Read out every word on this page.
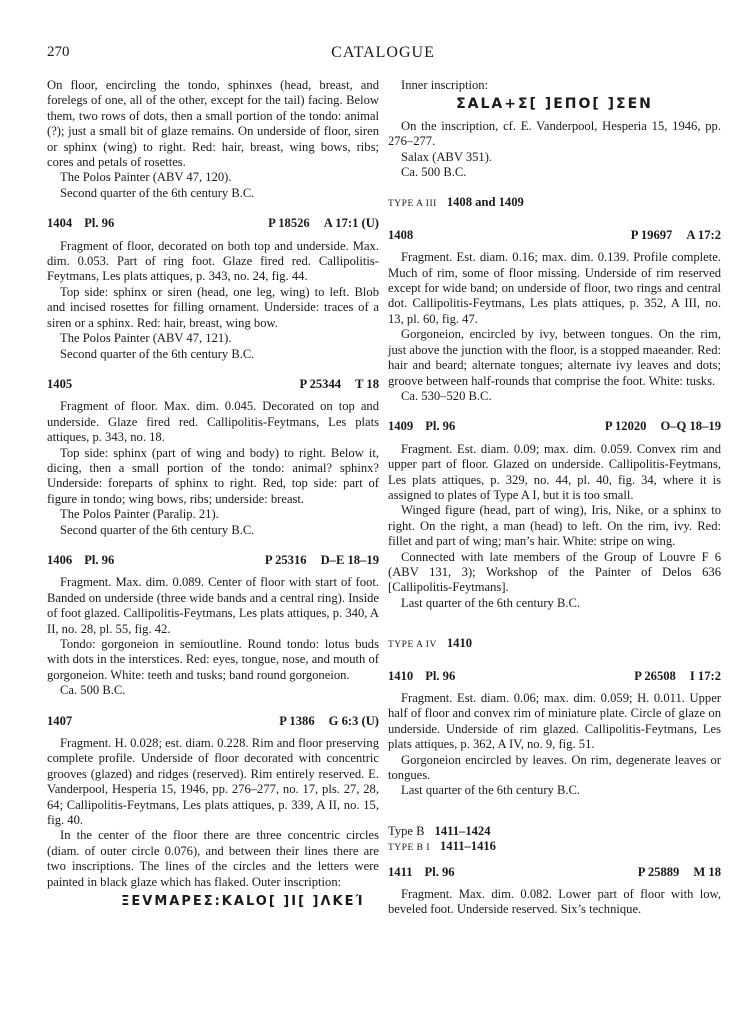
270	CATALOGUE

On floor, encircling the tondo, sphinxes (head, breast, and forelegs of one, all of the other, except for the tail) facing. Below them, two rows of dots, then a small portion of the tondo: animal (?); just a small bit of glaze remains. On underside of floor, siren or sphinx (wing) to right. Red: hair, breast, wing bows, ribs; cores and petals of rosettes.

The Polos Painter (ABV 47, 120).

Second quarter of the 6th century B.C.

1404 Pl. 96	P 18526 A 17:1 (U)

Fragment of floor, decorated on both top and underside. Max. dim. 0.053. Part of ring foot. Glaze fired red. Callipolitis-Feytmans, Les plats attiques, p. 343, no. 24, fig. 44.

Top side: sphinx or siren (head, one leg, wing) to left. Blob and incised rosettes for filling ornament. Underside: traces of a siren or a sphinx. Red: hair, breast, wing bow.

The Polos Painter (ABV 47, 121).

Second quarter of the 6th century B.C.

1405	P 25344 T 18

Fragment of floor. Max. dim. 0.045. Decorated on top and underside. Glaze fired red. Callipolitis-Feytmans, Les plats attiques, p. 343, no. 18.

Top side: sphinx (part of wing and body) to right. Below it, dicing, then a small portion of the tondo: animal? sphinx? Underside: foreparts of sphinx to right. Red, top side: part of figure in tondo; wing bows, ribs; underside: breast.

The Polos Painter (Paralip. 21).

Second quarter of the 6th century B.C.

1406 Pl. 96	P 25316 D–E 18–19

Fragment. Max. dim. 0.089. Center of floor with start of foot. Banded on underside (three wide bands and a central ring). Inside of foot glazed. Callipolitis-Feytmans, Les plats attiques, p. 340, A II, no. 28, pl. 55, fig. 42.

Tondo: gorgoneion in semioutline. Round tondo: lotus buds with dots in the interstices. Red: eyes, tongue, nose, and mouth of gorgoneion. White: teeth and tusks; band round gorgoneion.

Ca. 500 B.C.

1407	P 1386 G 6:3 (U)

Fragment. H. 0.028; est. diam. 0.228. Rim and floor preserving complete profile. Underside of floor decorated with concentric grooves (glazed) and ridges (reserved). Rim entirely reserved. E. Vanderpool, Hesperia 15, 1946, pp. 276–277, no. 17, pls. 27, 28, 64; Callipolitis-Feytmans, Les plats attiques, p. 339, A II, no. 15, fig. 40.

In the center of the floor there are three concentric circles (diam. of outer circle 0.076), and between their lines there are two inscriptions. The lines of the circles and the letters were painted in black glaze which has flaked. Outer inscription:

ΞEVMAPEΣ:KALO[ ]I[ ]ΛKEΊ

Inner inscription:

ΣΑLΑ+Σ[ ]ΕΠΟ[ ]ΣΕΝ

On the inscription, cf. E. Vanderpool, Hesperia 15, 1946, pp. 276–277.

Salax (ABV 351).

Ca. 500 B.C.

TYPE A III 1408 and 1409
1408	P 19697 A 17:2

Fragment. Est. diam. 0.16; max. dim. 0.139. Profile complete. Much of rim, some of floor missing. Underside of rim reserved except for wide band; on underside of floor, two rings and central dot. Callipolitis-Feytmans, Les plats attiques, p. 352, A III, no. 13, pl. 60, fig. 47.

Gorgoneion, encircled by ivy, between tongues. On the rim, just above the junction with the floor, is a stopped maeander. Red: hair and beard; alternate tongues; alternate ivy leaves and dots; groove between half-rounds that comprise the foot. White: tusks.

Ca. 530–520 B.C.

1409 Pl. 96	P 12020 O–Q 18–19

Fragment. Est. diam. 0.09; max. dim. 0.059. Convex rim and upper part of floor. Glazed on underside. Callipolitis-Feytmans, Les plats attiques, p. 329, no. 44, pl. 40, fig. 34, where it is assigned to plates of Type A I, but it is too small.

Winged figure (head, part of wing), Iris, Nike, or a sphinx to right. On the right, a man (head) to left. On the rim, ivy. Red: fillet and part of wing; man’s hair. White: stripe on wing.

Connected with late members of the Group of Louvre F 6 (ABV 131, 3); Workshop of the Painter of Delos 636 [Callipolitis-Feytmans].

Last quarter of the 6th century B.C.

TYPE A IV 1410
1410 Pl. 96	P 26508 I 17:2

Fragment. Est. diam. 0.06; max. dim. 0.059; H. 0.011. Upper half of floor and convex rim of miniature plate. Circle of glaze on underside. Underside of rim glazed. Callipolitis-Feytmans, Les plats attiques, p. 362, A IV, no. 9, fig. 51.

Gorgoneion encircled by leaves. On rim, degenerate leaves or tongues.

Last quarter of the 6th century B.C.

Type B 1411–1424
TYPE B I 1411–1416
1411 Pl. 96	P 25889 M 18

Fragment. Max. dim. 0.082. Lower part of floor with low, beveled foot. Underside reserved. Six’s technique.
